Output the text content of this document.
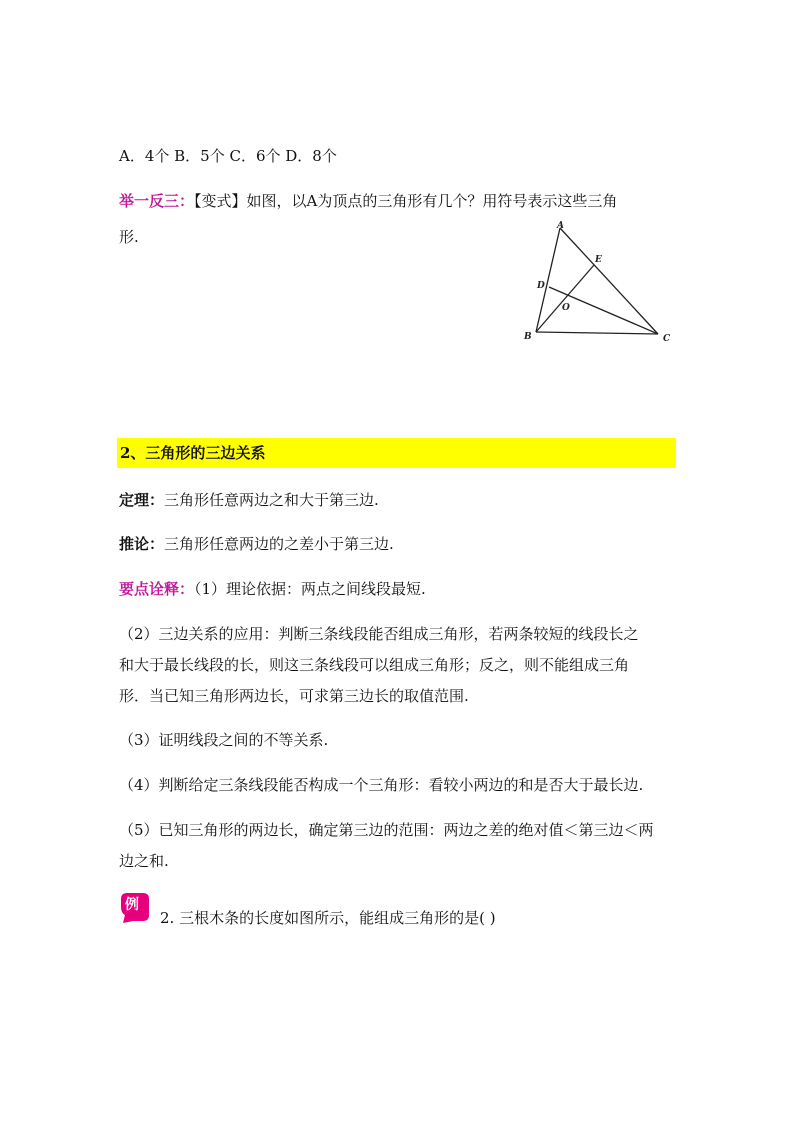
A．4个 B．5个 C．6个 D．8个
举一反三：【变式】如图，以A为顶点的三角形有几个？用符号表示这些三角
形.
A
E
D
O
B	C
2、三角形的三边关系
定理：三角形任意两边之和大于第三边.
推论：三角形任意两边的之差小于第三边.
要点诠释：（1）理论依据：两点之间线段最短.
（2）三边关系的应用：判断三条线段能否组成三角形，若两条较短的线段长之
和大于最长线段的长，则这三条线段可以组成三角形；反之，则不能组成三角
形．当已知三角形两边长，可求第三边长的取值范围.
（3）证明线段之间的不等关系.
（4）判断给定三条线段能否构成一个三角形：看较小两边的和是否大于最长边.
（5）已知三角形的两边长，确定第三边的范围：两边之差的绝对值＜第三边＜两
边之和.
例
2. 三根木条的长度如图所示，能组成三角形的是( )
